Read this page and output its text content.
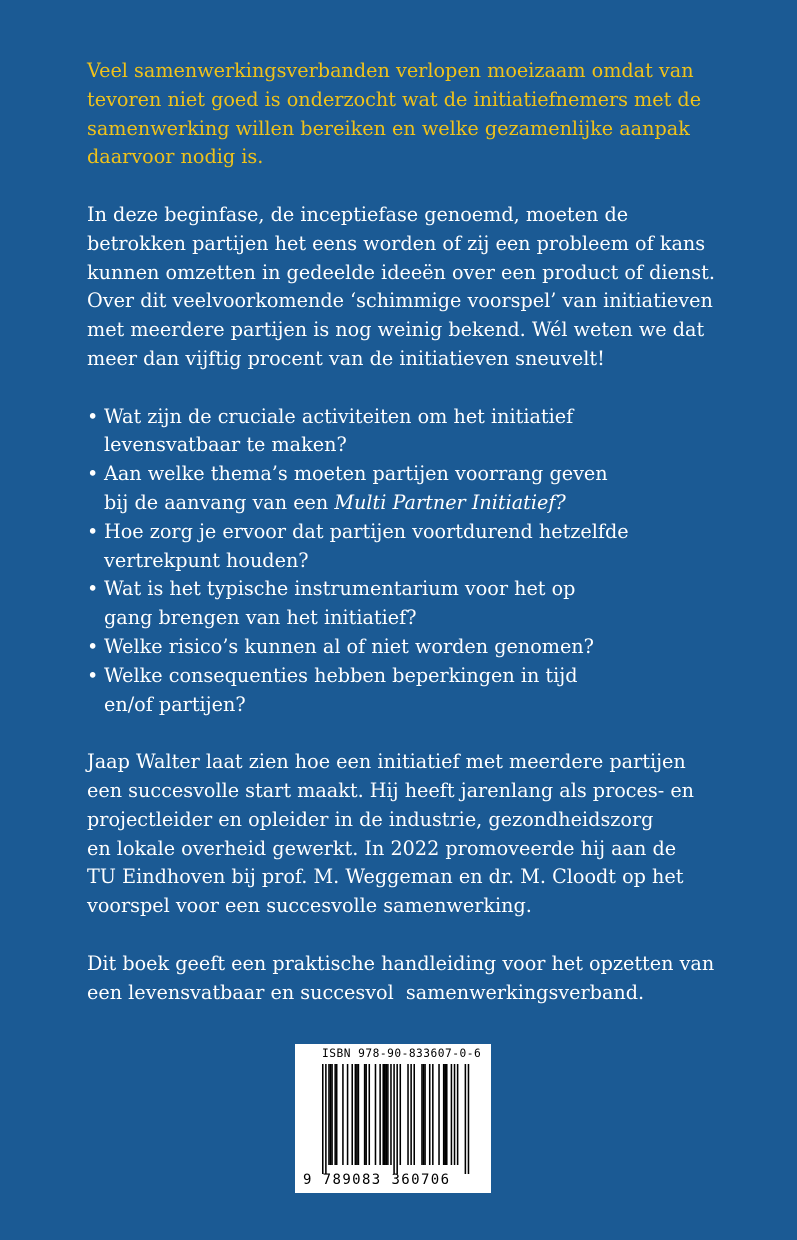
Veel samenwerkingsverbanden verlopen moeizaam omdat van
tevoren niet goed is onderzocht wat de initiatiefnemers met de
samenwerking willen bereiken en welke gezamenlijke aanpak
daarvoor nodig is.
In deze beginfase, de inceptiefase genoemd, moeten de
betrokken partijen het eens worden of zij een probleem of kans
kunnen omzetten in gedeelde ideeën over een product of dienst.
Over dit veelvoorkomende ‘schimmige voorspel’ van initiatieven
met meerdere partijen is nog weinig bekend. Wél weten we dat
meer dan vijftig procent van de initiatieven sneuvelt!
• Wat zijn de cruciale activiteiten om het initiatief
levensvatbaar te maken?
• Aan welke thema’s moeten partijen voorrang geven
bij de aanvang van een Multi Partner Initiatief?
• Hoe zorg je ervoor dat partijen voortdurend hetzelfde
vertrekpunt houden?
• Wat is het typische instrumentarium voor het op
gang brengen van het initiatief?
• Welke risico’s kunnen al of niet worden genomen?
• Welke consequenties hebben beperkingen in tijd
en/of partijen?
Jaap Walter laat zien hoe een initiatief met meerdere partijen
een succesvolle start maakt. Hij heeft jarenlang als proces- en
projectleider en opleider in de industrie, gezondheidszorg
en lokale overheid gewerkt. In 2022 promoveerde hij aan de
TU Eindhoven bij prof. M. Weggeman en dr. M. Cloodt op het
voorspel voor een succesvolle samenwerking.
Dit boek geeft een praktische handleiding voor het opzetten van
een levensvatbaar en succesvol  samenwerkingsverband.
ISBN 978-90-833607-0-6
9 789083 360706
